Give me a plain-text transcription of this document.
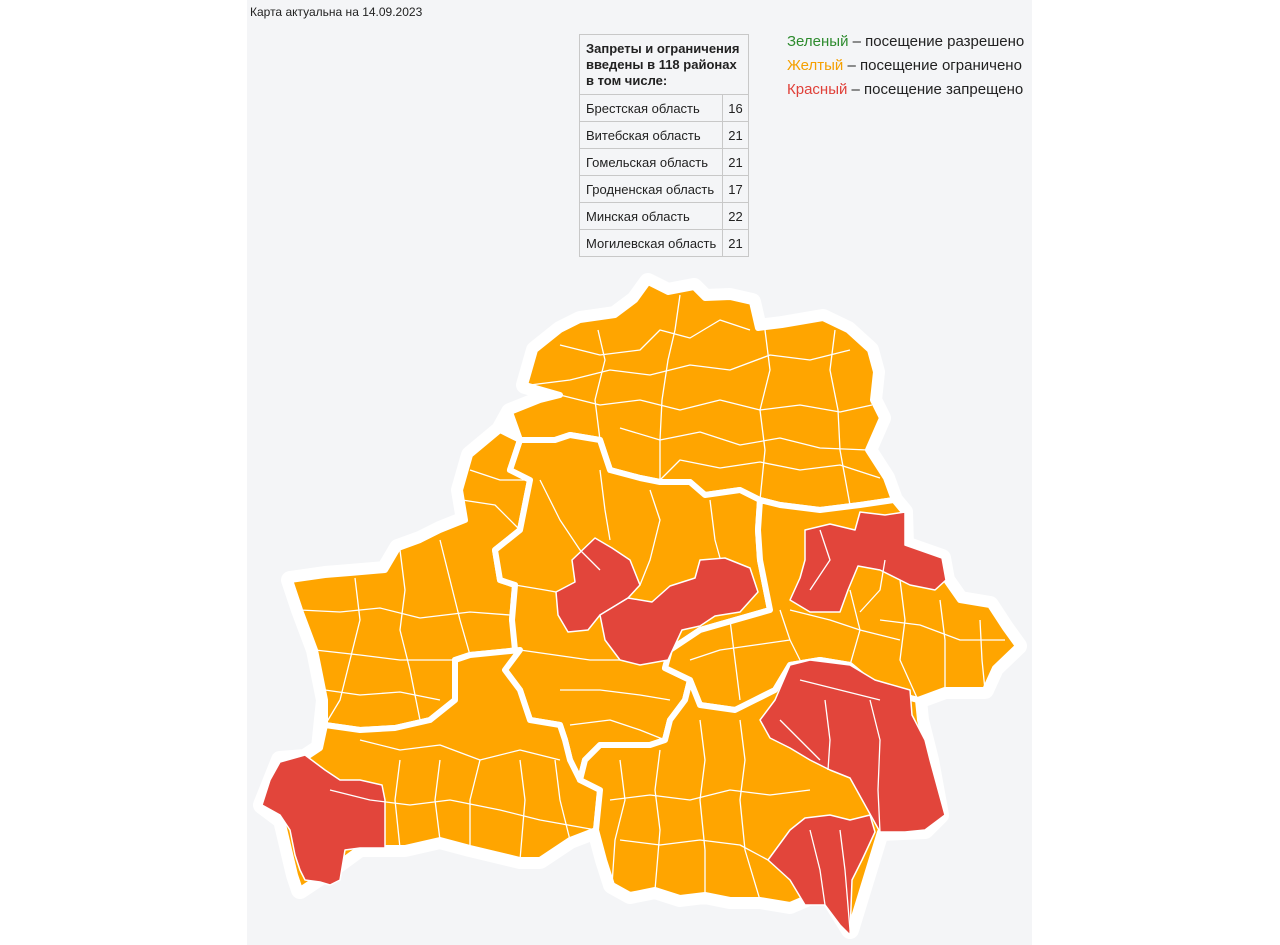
Карта актуальна на 14.09.2023
Запреты и ограничения введены в 118 районах в том числе:	
Брестская область	16
Витебская область	21
Гомельская область	21
Гродненская область	17
Минская область	22
Могилевская область	21
Зеленый – посещение разрешено
Желтый – посещение ограничено
Красный – посещение запрещено
